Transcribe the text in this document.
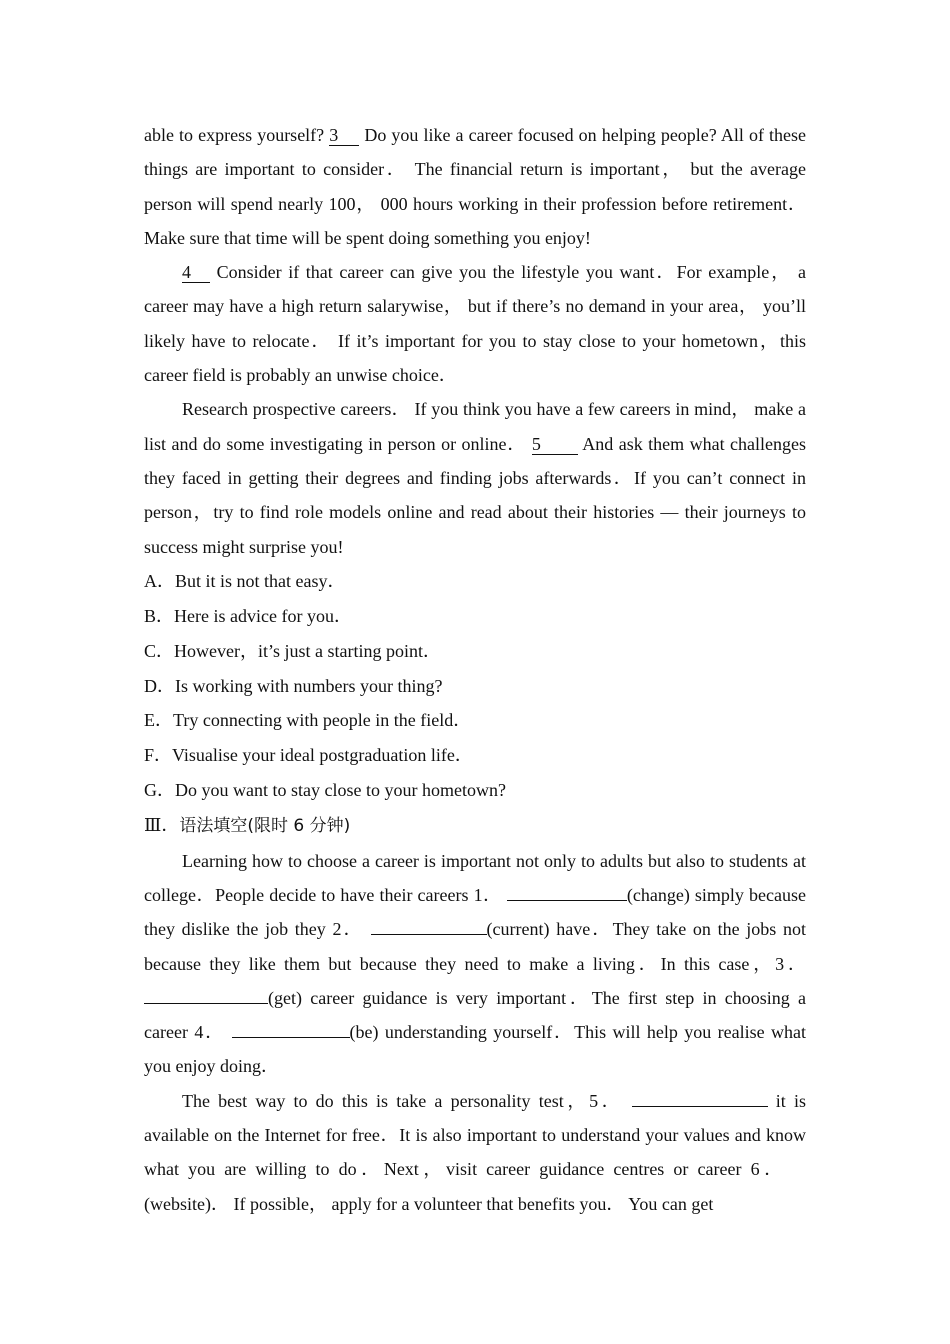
able to express yourself? 3 Do you like a career focused on helping people? All of these things are important to consider． The financial return is important， but the average person will spend nearly 100， 000 hours working in their profession before retirement．Make sure that time will be spent doing something you enjoy!

4 Consider if that career can give you the lifestyle you want．For example， a career may have a high return salarywise， but if there’s no demand in your area， you’ll likely have to relocate． If it’s important for you to stay close to your hometown，this career field is probably an unwise choice．

Research prospective careers． If you think you have a few careers in mind， make a list and do some investigating in person or online． 5 And ask them what challenges they faced in getting their degrees and finding jobs afterwards．If you can’t connect in person，try to find role models online and read about their histories — their journeys to success might surprise you!

A．But it is not that easy．

B．Here is advice for you．

C．However，it’s just a starting point．

D．Is working with numbers your thing?

E．Try connecting with people in the field．

F．Visualise your ideal postgraduation life．

G．Do you want to stay close to your hometown?

Ⅲ．语法填空(限时 6 分钟)

Learning how to choose a career is important not only to adults but also to students at college．People decide to have their careers 1．	(change) simply because they dislike the job they 2．	(current) have．They take on the jobs not because they like them but because they need to make a living．In this case，3． (get) career guidance is very important．The first step in choosing a career 4．	(be) understanding yourself．This will help you realise what you enjoy doing．

The best way to do this is take a personality test，5．	it is available on the Internet for free．It is also important to understand your values and know what you are willing to do．Next，visit career guidance centres or career 6． (website)． If possible， apply for a volunteer that benefits you． You can get
